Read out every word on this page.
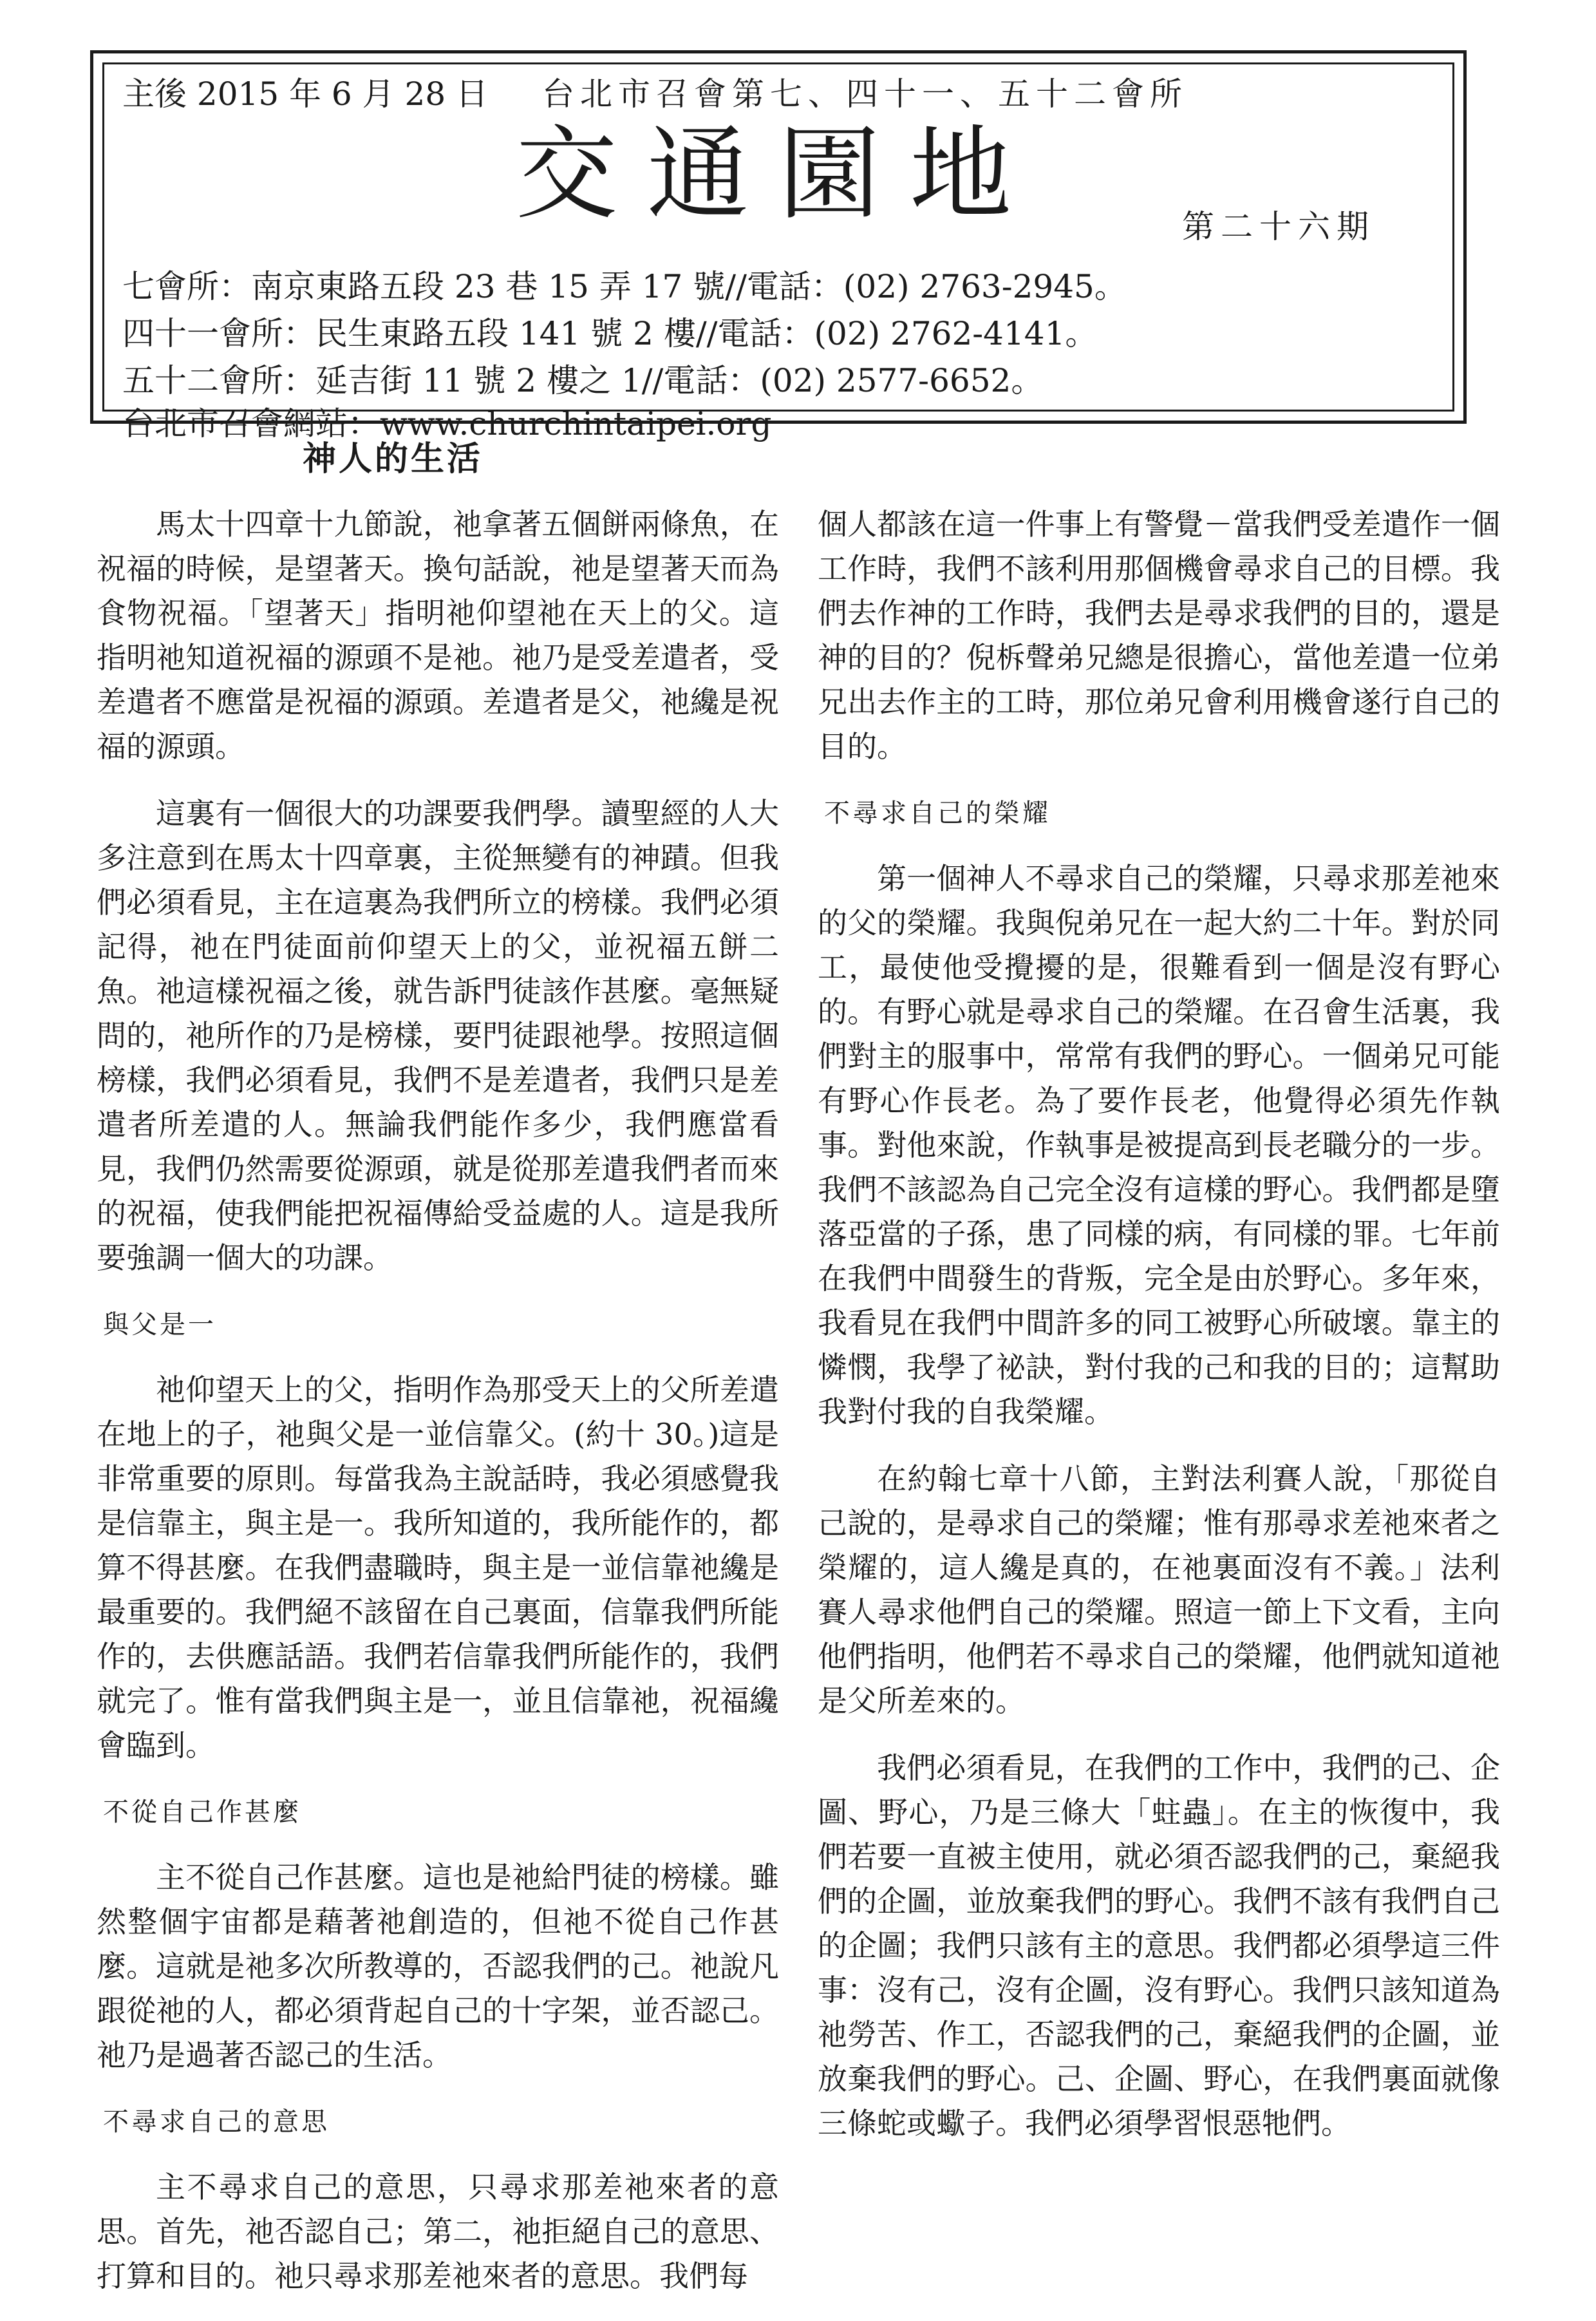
主後 2015 年 6 月 28 日 台北市召會第七、四十一、五十二會所
交通園地	第二十六期
七會所：南京東路五段 23 巷 15 弄 17 號//電話：(02) 2763-2945。
四十一會所：民生東路五段 141 號 2 樓//電話：(02) 2762-4141。
五十二會所：延吉街 11 號 2 樓之 1//電話：(02) 2577-6652。
台北市召會網站：www.churchintaipei.org
神人的生活

馬太十四章十九節說，祂拿著五個餅兩條魚，在祝福的時候，是望著天。換句話說，祂是望著天而為食物祝福。「望著天」指明祂仰望祂在天上的父。這指明祂知道祝福的源頭不是祂。祂乃是受差遣者，受差遣者不應當是祝福的源頭。差遣者是父，祂纔是祝福的源頭。

這裏有一個很大的功課要我們學。讀聖經的人大多注意到在馬太十四章裏，主從無變有的神蹟。但我們必須看見，主在這裏為我們所立的榜樣。我們必須記得，祂在門徒面前仰望天上的父，並祝福五餅二魚。祂這樣祝福之後，就告訴門徒該作甚麼。毫無疑問的，祂所作的乃是榜樣，要門徒跟祂學。按照這個榜樣，我們必須看見，我們不是差遣者，我們只是差遣者所差遣的人。無論我們能作多少，我們應當看見，我們仍然需要從源頭，就是從那差遣我們者而來的祝福，使我們能把祝福傳給受益處的人。這是我所要強調一個大的功課。

與父是一

祂仰望天上的父，指明作為那受天上的父所差遣在地上的子，祂與父是一並信靠父。(約十 30。)這是非常重要的原則。每當我為主說話時，我必須感覺我是信靠主，與主是一。我所知道的，我所能作的，都算不得甚麼。在我們盡職時，與主是一並信靠祂纔是最重要的。我們絕不該留在自己裏面，信靠我們所能作的，去供應話語。我們若信靠我們所能作的，我們就完了。惟有當我們與主是一，並且信靠祂，祝福纔會臨到。

不從自己作甚麼

主不從自己作甚麼。這也是祂給門徒的榜樣。雖然整個宇宙都是藉著祂創造的，但祂不從自己作甚麼。這就是祂多次所教導的，否認我們的己。祂說凡跟從祂的人，都必須背起自己的十字架，並否認己。祂乃是過著否認己的生活。

不尋求自己的意思

主不尋求自己的意思，只尋求那差祂來者的意思。首先，祂否認自己；第二，祂拒絕自己的意思、打算和目的。祂只尋求那差祂來者的意思。我們每

個人都該在這一件事上有警覺－當我們受差遣作一個工作時，我們不該利用那個機會尋求自己的目標。我們去作神的工作時，我們去是尋求我們的目的，還是神的目的？倪柝聲弟兄總是很擔心，當他差遣一位弟兄出去作主的工時，那位弟兄會利用機會遂行自己的目的。

不尋求自己的榮耀

第一個神人不尋求自己的榮耀，只尋求那差祂來的父的榮耀。我與倪弟兄在一起大約二十年。對於同工，最使他受攪擾的是，很難看到一個是沒有野心的。有野心就是尋求自己的榮耀。在召會生活裏，我們對主的服事中，常常有我們的野心。一個弟兄可能有野心作長老。為了要作長老，他覺得必須先作執事。對他來說，作執事是被提高到長老職分的一步。我們不該認為自己完全沒有這樣的野心。我們都是墮落亞當的子孫，患了同樣的病，有同樣的罪。七年前在我們中間發生的背叛，完全是由於野心。多年來，我看見在我們中間許多的同工被野心所破壞。靠主的憐憫，我學了祕訣，對付我的己和我的目的；這幫助我對付我的自我榮耀。

在約翰七章十八節，主對法利賽人說，「那從自己說的，是尋求自己的榮耀；惟有那尋求差祂來者之榮耀的，這人纔是真的，在祂裏面沒有不義。」法利賽人尋求他們自己的榮耀。照這一節上下文看，主向他們指明，他們若不尋求自己的榮耀，他們就知道祂是父所差來的。

我們必須看見，在我們的工作中，我們的己、企圖、野心，乃是三條大「蛀蟲」。在主的恢復中，我們若要一直被主使用，就必須否認我們的己，棄絕我們的企圖，並放棄我們的野心。我們不該有我們自己的企圖；我們只該有主的意思。我們都必須學這三件事：沒有己，沒有企圖，沒有野心。我們只該知道為祂勞苦、作工，否認我們的己，棄絕我們的企圖，並放棄我們的野心。己、企圖、野心，在我們裏面就像三條蛇或蠍子。我們必須學習恨惡牠們。
